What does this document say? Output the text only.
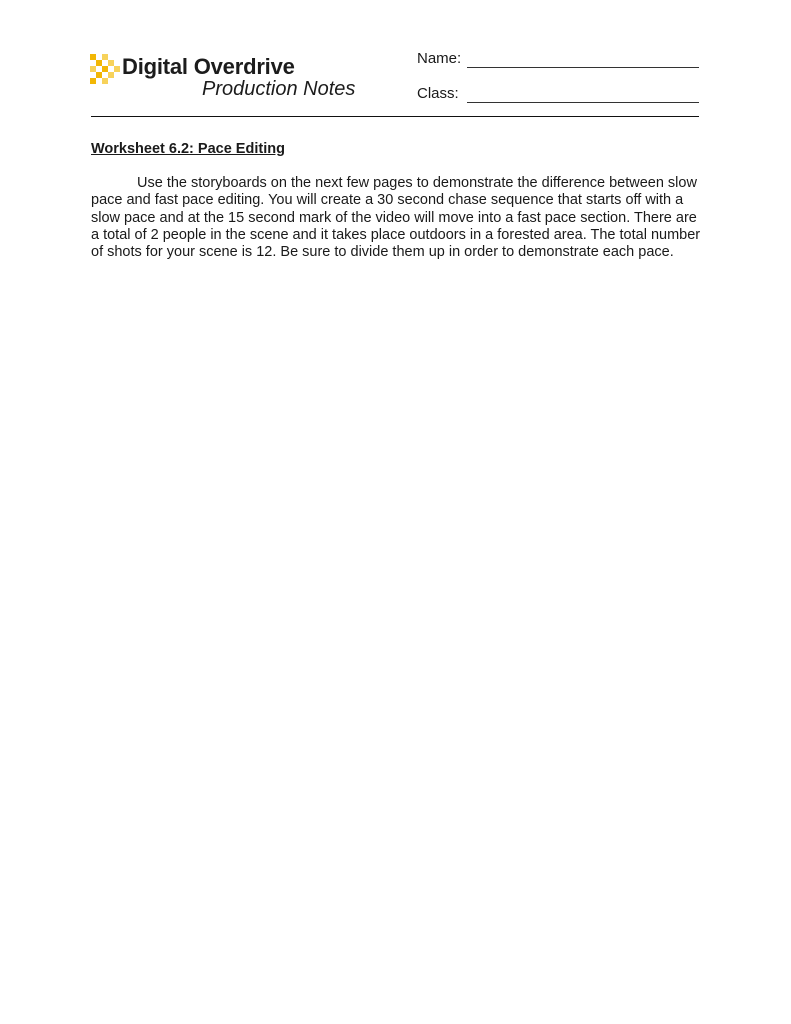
Digital Overdrive
Production Notes
Name:
Class:
Worksheet 6.2: Pace Editing

Use the storyboards on the next few pages to demonstrate the difference between slow pace and fast pace editing. You will create a 30 second chase sequence that starts off with a slow pace and at the 15 second mark of the video will move into a fast pace section. There are a total of 2 people in the scene and it takes place outdoors in a forested area. The total number of shots for your scene is 12. Be sure to divide them up in order to demonstrate each pace.
